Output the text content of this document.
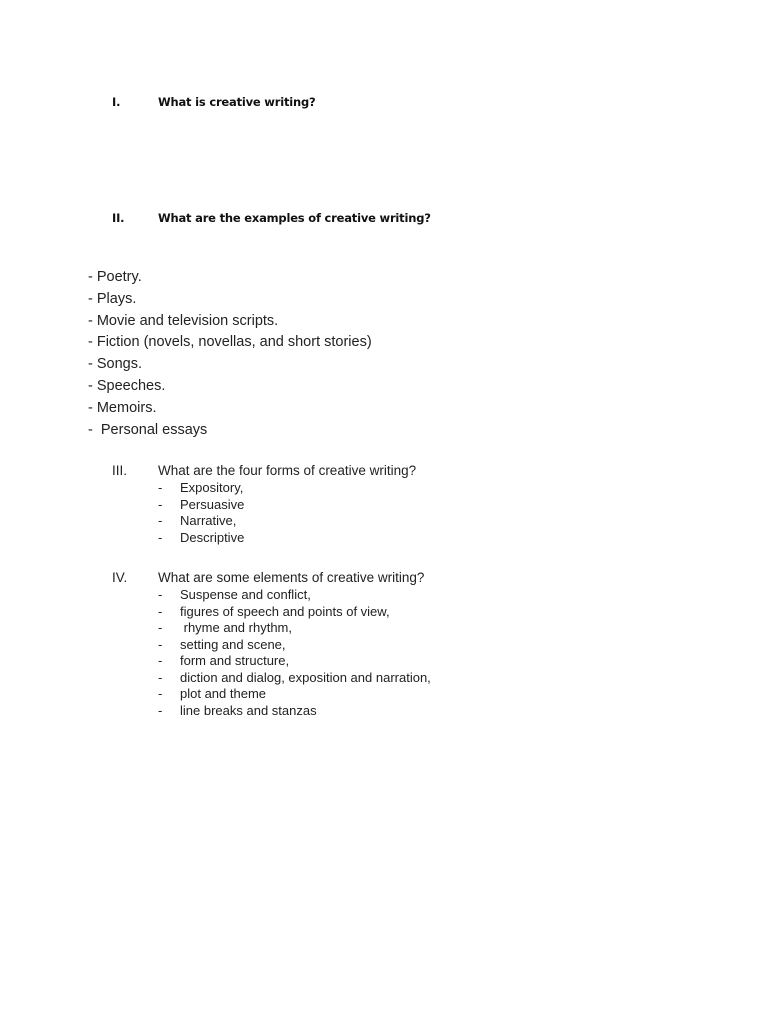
I.	What is creative writing?
II.	What are the examples of creative writing?
- Poetry.
- Plays.
- Movie and television scripts.
- Fiction (novels, novellas, and short stories)
- Songs.
- Speeches.
- Memoirs.
-  Personal essays
III. What are the four forms of creative writing?
- Expository,
- Persuasive
- Narrative,
- Descriptive
IV. What are some elements of creative writing?
- Suspense and conflict,
- figures of speech and points of view,
- rhyme and rhythm,
- setting and scene,
- form and structure,
- diction and dialog, exposition and narration,
- plot and theme
- line breaks and stanzas
